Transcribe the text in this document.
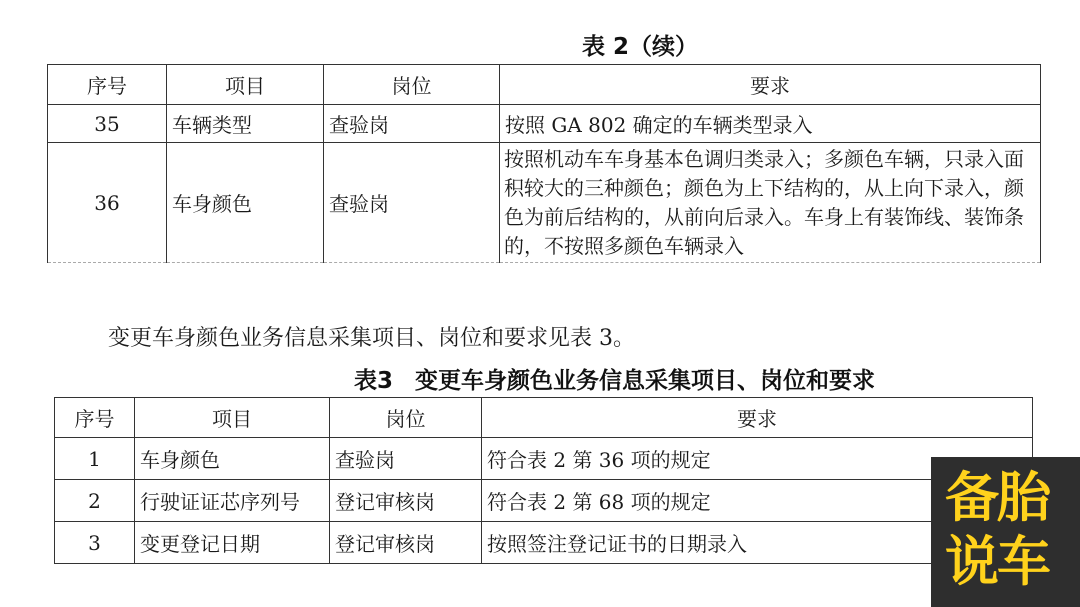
表 2（续）
序号	项目	岗位	要求
35	车辆类型	查验岗	按照 GA 802 确定的车辆类型录入
36	车身颜色	查验岗	按照机动车车身基本色调归类录入；多颜色车辆，只录入面积较大的三种颜色；颜色为上下结构的，从上向下录入，颜色为前后结构的，从前向后录入。车身上有装饰线、装饰条的，不按照多颜色车辆录入
变更车身颜色业务信息采集项目、岗位和要求见表 3。
表3 变更车身颜色业务信息采集项目、岗位和要求
序号	项目	岗位	要求
1	车身颜色	查验岗	符合表 2 第 36 项的规定
2	行驶证证芯序列号	登记审核岗	符合表 2 第 68 项的规定
3	变更登记日期	登记审核岗	按照签注登记证书的日期录入
备胎
说车
